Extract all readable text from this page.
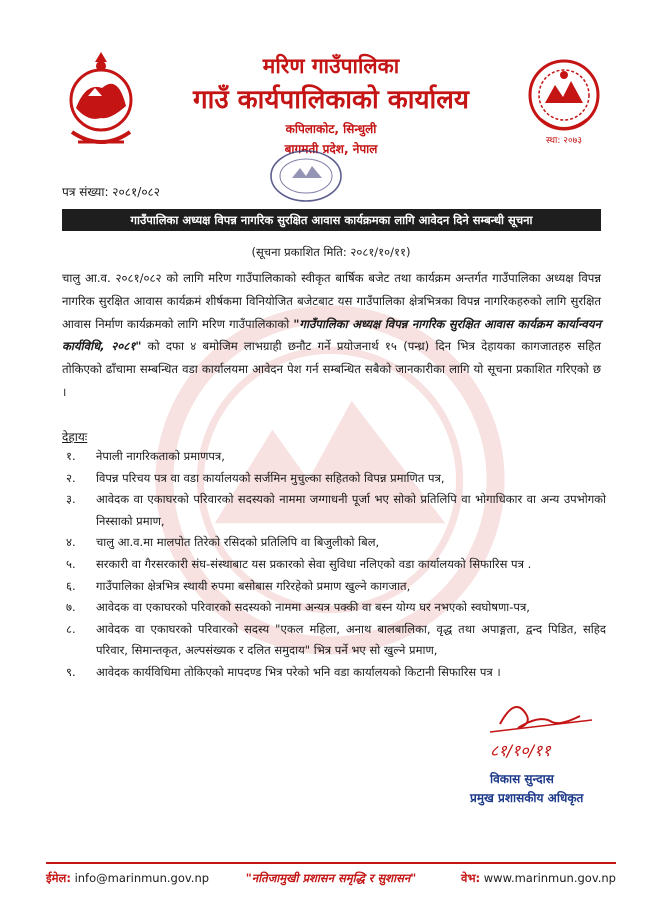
मरिण गाउँपालिका
गाउँ कार्यपालिकाको कार्यालय
कपिलाकोट, सिन्धुली
बागमती प्रदेश, नेपाल
स्था: २०७३
पत्र संख्या: २०८१/०८२
गाउँपालिका अध्यक्ष विपन्न नागरिक सुरक्षित आवास कार्यक्रमका लागि आवेदन दिने सम्बन्धी सूचना
(सूचना प्रकाशित मिति: २०८१/१०/११)

चालु आ.व. २०८१/०८२ को लागि मरिण गाउँपालिकाको स्वीकृत बार्षिक बजेट तथा कार्यक्रम अन्तर्गत गाउँपालिका अध्यक्ष विपन्न नागरिक सुरक्षित आवास कार्यक्रमं शीर्षकमा विनियोजित बजेटबाट यस गाउँपालिका क्षेत्रभित्रका विपन्न नागरिकहरुको लागि सुरक्षित आवास निर्माण कार्यक्रमको लागि मरिण गाउँपालिकाको "गाउँपालिका अध्यक्ष विपन्न नागरिक सुरक्षित आवास कार्यक्रम कार्यान्वयन कार्यविधि, २०८१" को दफा ४ बमोजिम लाभग्राही छनौट गर्ने प्रयोजनार्थ १५ (पन्ध्र) दिन भित्र देहायका कागजातहरु सहित तोकिएको ढाँचामा सम्बन्धित वडा कार्यालयमा आवेदन पेश गर्न सम्बन्धित सबैको जानकारीका लागि यो सूचना प्रकाशित गरिएको छ ।

देहायः
१.	नेपाली नागरिकताको प्रमाणपत्र,
२.	विपन्न परिचय पत्र वा वडा कार्यालयको सर्जमिन मुचुल्का सहितको विपन्न प्रमाणित पत्र,
३.	आवेदक वा एकाघरको परिवारको सदस्यको नाममा जग्गाधनी पूर्जा भए सोको प्रतिलिपि वा भोगाधिकार वा अन्य उपभोगको निस्साको प्रमाण,
४.	चालु आ.व.मा मालपोत तिरेको रसिदको प्रतिलिपि वा बिजुलीको बिल,
५.	सरकारी वा गैरसरकारी संघ-संस्थाबाट यस प्रकारको सेवा सुविधा नलिएको वडा कार्यालयको सिफारिस पत्र .
६.	गाउँपालिका क्षेत्रभित्र स्थायी रुपमा बसोबास गरिरहेको प्रमाण खुल्ने कागजात,
७.	आवेदक वा एकाघरको परिवारको सदस्यको नाममा अन्यत्र पक्की वा बस्न योग्य घर नभएको स्वघोषणा-पत्र,
८.	आवेदक वा एकाघरको परिवारको सदस्य "एकल महिला, अनाथ बालबालिका, वृद्ध तथा अपाङ्गता, द्वन्द पिडित, सहिद परिवार, सिमान्तकृत, अल्पसंख्यक र दलित समुदाय" भित्र पर्ने भए सो खुल्ने प्रमाण,
९.	आवेदक कार्यविधिमा तोकिएको मापदण्ड भित्र परेको भनि वडा कार्यालयको किटानी सिफारिस पत्र ।
८१/१०/११
विकास सुन्दास
प्रमुख प्रशासकीय अधिकृत
ईमेल: info@marinmun.gov.np	"नतिजामुखी प्रशासन समृद्धि र सुशासन"	वेभ: www.marinmun.gov.np
